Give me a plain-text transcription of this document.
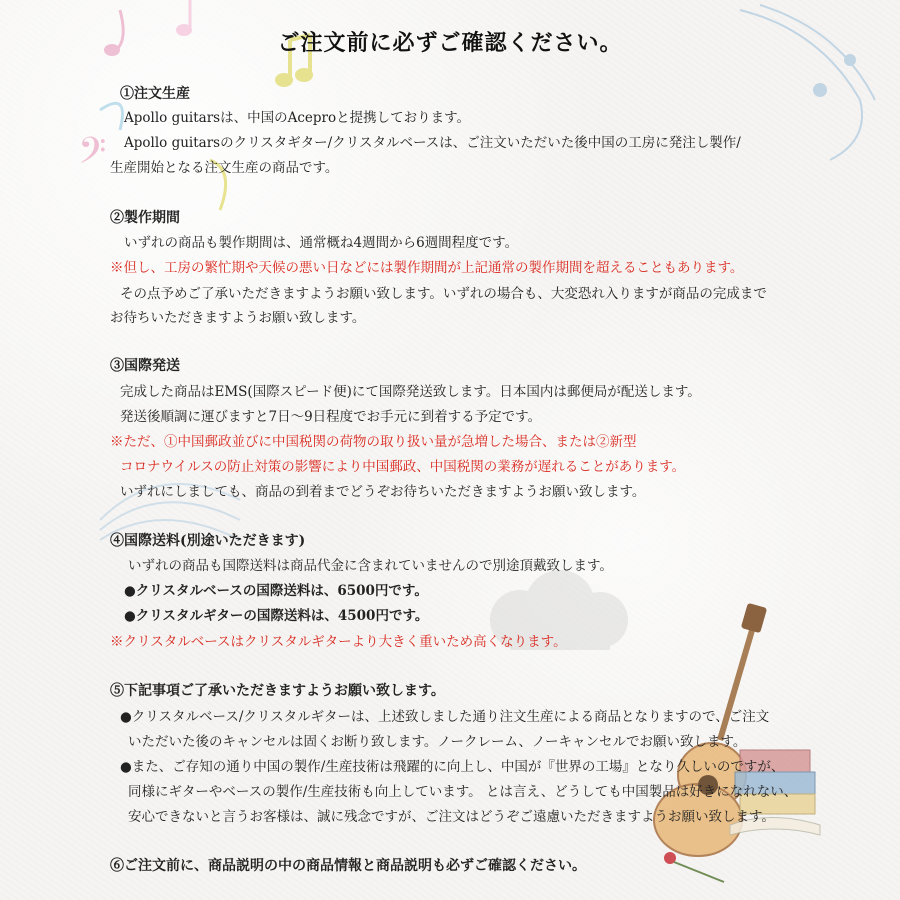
𝄢
ご注文前に必ずご確認ください。

①注文生産

Apollo guitarsは、中国のAceproと提携しております。

Apollo guitarsのクリスタギター/クリスタルベースは、ご注文いただいた後中国の工房に発注し製作/

生産開始となる注文生産の商品です。

②製作期間

いずれの商品も製作期間は、通常概ね4週間から6週間程度です。

※但し、工房の繁忙期や天候の悪い日などには製作期間が上記通常の製作期間を超えることもあります。

その点予めご了承いただきますようお願い致します。いずれの場合も、大変恐れ入りますが商品の完成まで

お待ちいただきますようお願い致します。

③国際発送

完成した商品はEMS(国際スピード便)にて国際発送致します。日本国内は郵便局が配送します。

発送後順調に運びますと7日～9日程度でお手元に到着する予定です。

※ただ、①中国郵政並びに中国税関の荷物の取り扱い量が急増した場合、または②新型

コロナウイルスの防止対策の影響により中国郵政、中国税関の業務が遅れることがあります。

いずれにしましても、商品の到着までどうぞお待ちいただきますようお願い致します。

④国際送料(別途いただきます)

いずれの商品も国際送料は商品代金に含まれていませんので別途頂戴致します。

●クリスタルベースの国際送料は、6500円です。

●クリスタルギターの国際送料は、4500円です。

※クリスタルベースはクリスタルギターより大きく重いため高くなります。

⑤下記事項ご了承いただきますようお願い致します。

●クリスタルベース/クリスタルギターは、上述致しました通り注文生産による商品となりますので、ご注文

いただいた後のキャンセルは固くお断り致します。ノークレーム、ノーキャンセルでお願い致します。

●また、ご存知の通り中国の製作/生産技術は飛躍的に向上し、中国が『世界の工場』となり久しいのですが、

同様にギターやベースの製作/生産技術も向上しています。 とは言え、どうしても中国製品は好きになれない、

安心できないと言うお客様は、誠に残念ですが、ご注文はどうぞご遠慮いただきますようお願い致します。

⑥ご注文前に、商品説明の中の商品情報と商品説明も必ずご確認ください。
